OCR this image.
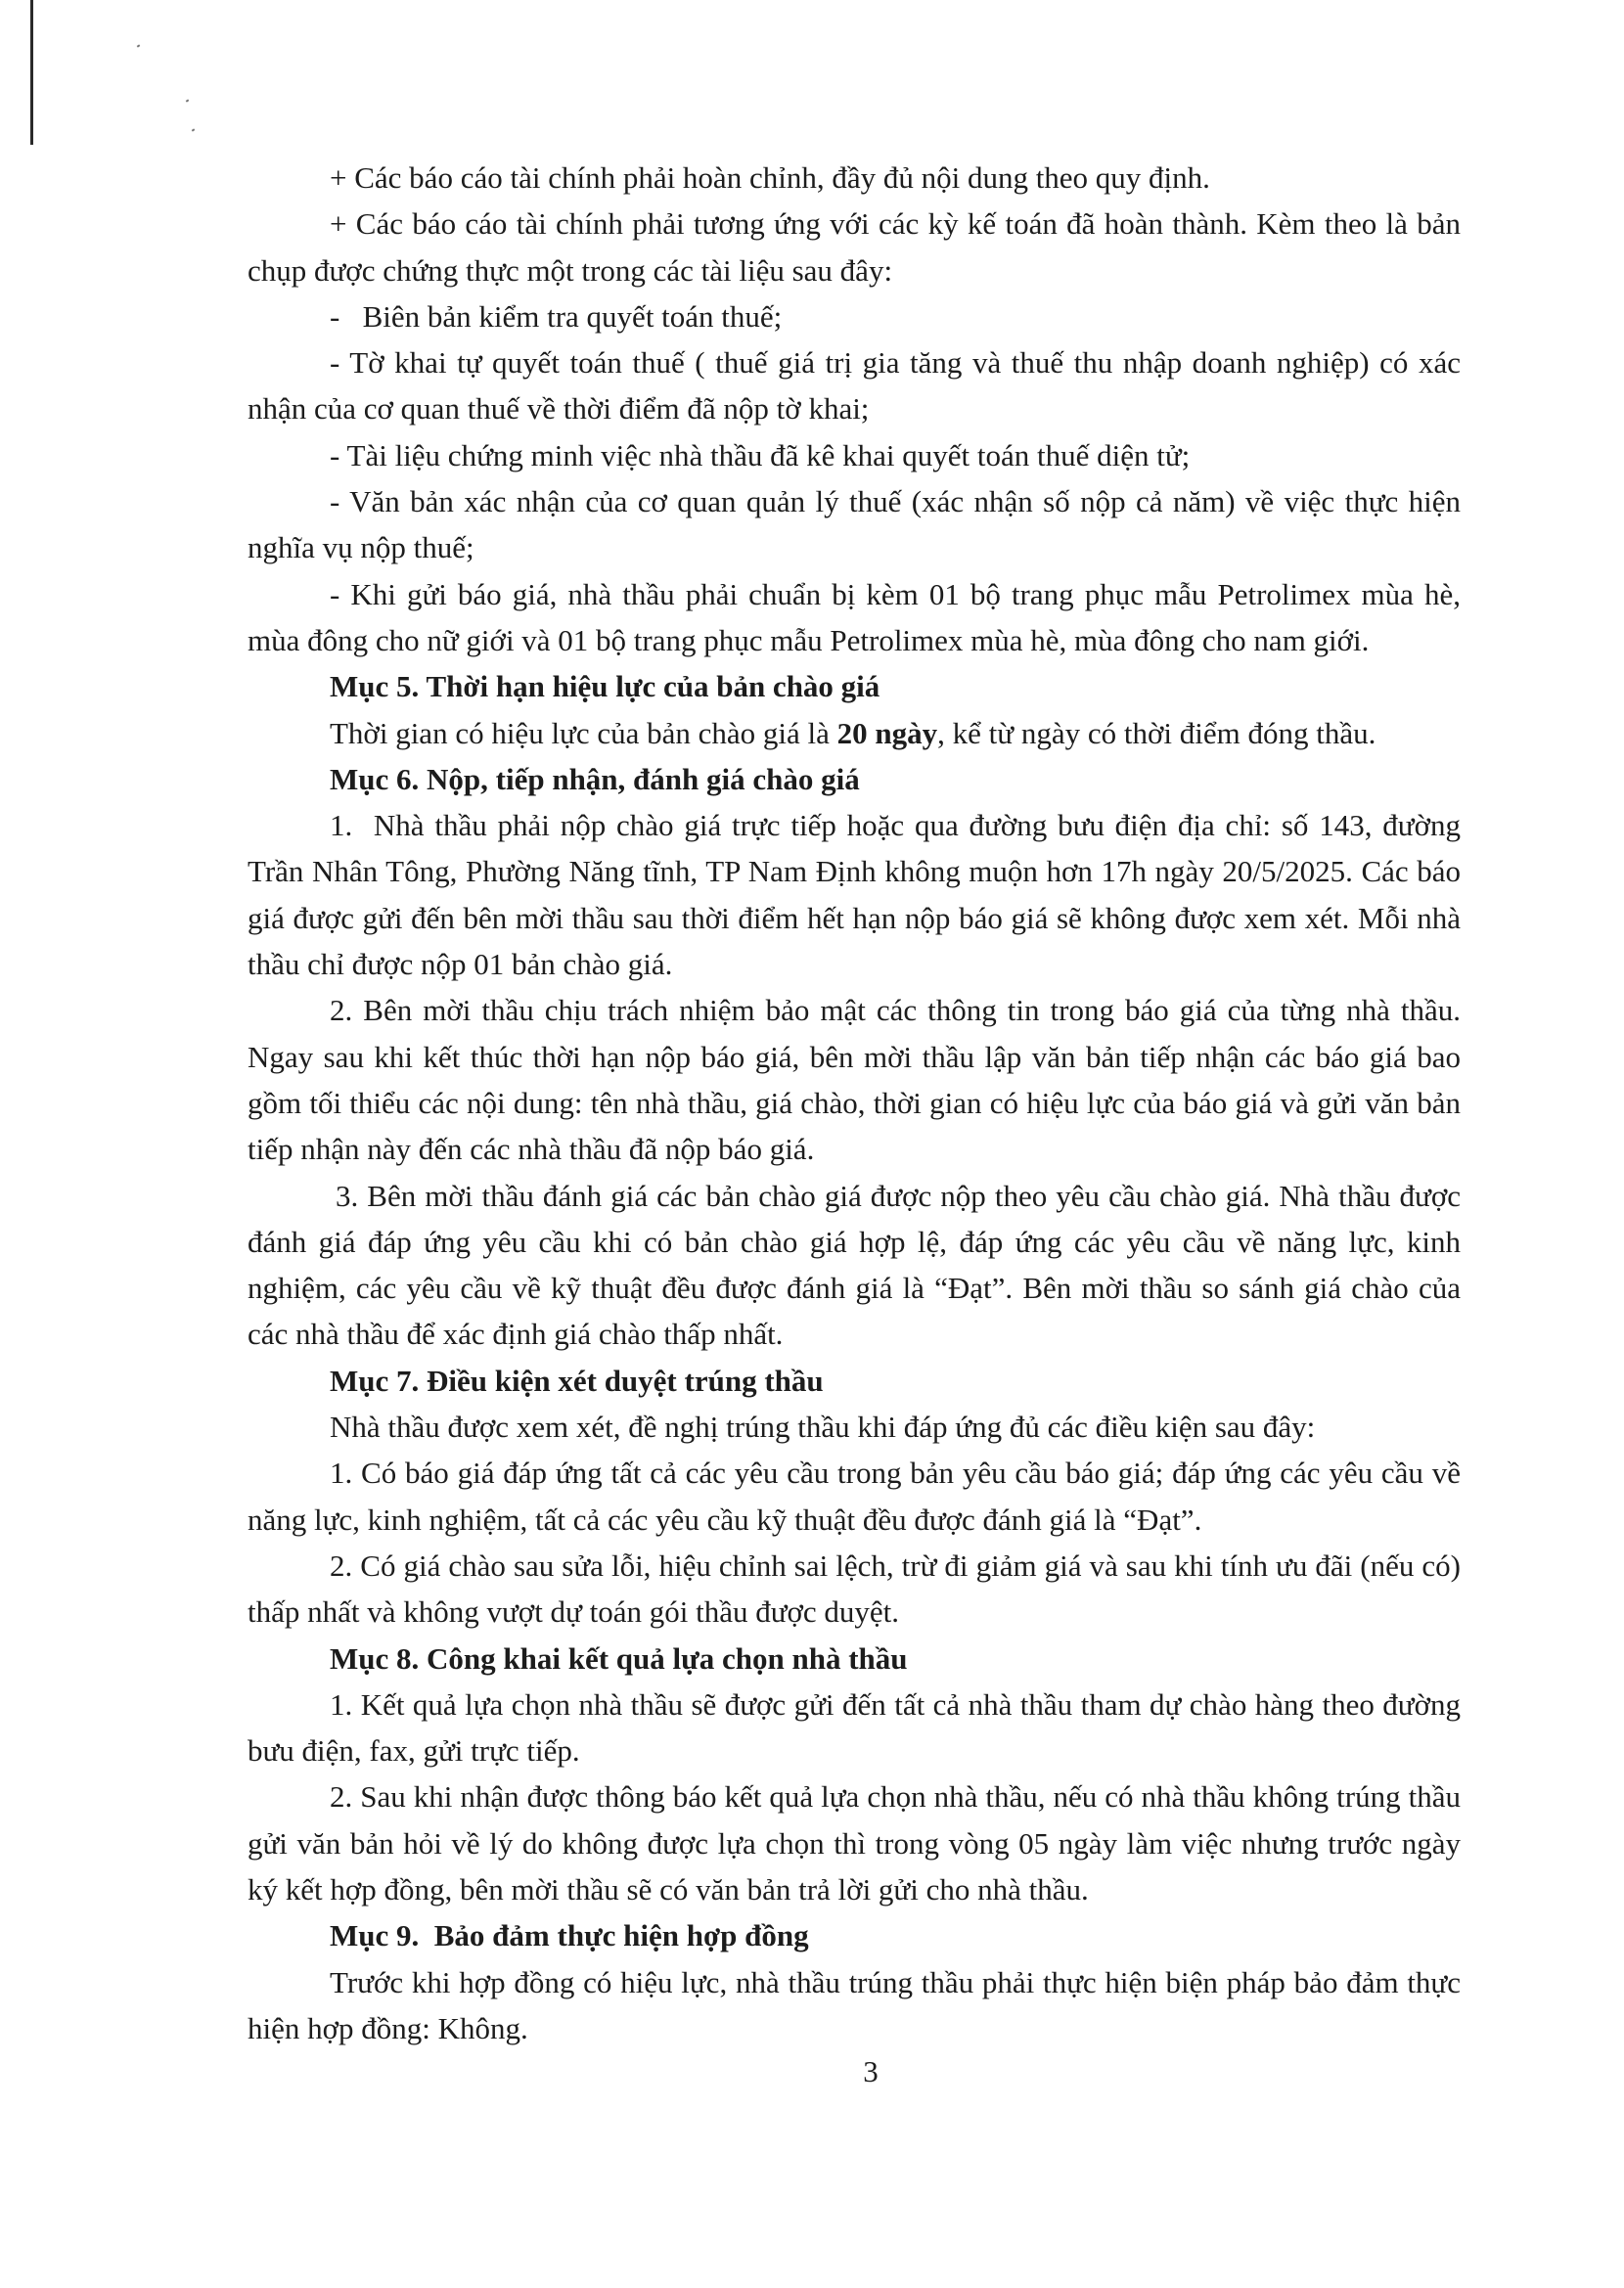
+ Các báo cáo tài chính phải hoàn chỉnh, đầy đủ nội dung theo quy định.

+ Các báo cáo tài chính phải tương ứng với các kỳ kế toán đã hoàn thành. Kèm theo là bản chụp được chứng thực một trong các tài liệu sau đây:

-   Biên bản kiểm tra quyết toán thuế;

- Tờ khai tự quyết toán thuế ( thuế giá trị gia tăng và thuế thu nhập doanh nghiệp) có xác nhận của cơ quan thuế về thời điểm đã nộp tờ khai;

- Tài liệu chứng minh việc nhà thầu đã kê khai quyết toán thuế diện tử;

- Văn bản xác nhận của cơ quan quản lý thuế (xác nhận số nộp cả năm) về việc thực hiện nghĩa vụ nộp thuế;

- Khi gửi báo giá, nhà thầu phải chuẩn bị kèm 01 bộ trang phục mẫu Petrolimex mùa hè, mùa đông cho nữ giới và 01 bộ trang phục mẫu Petrolimex mùa hè, mùa đông cho nam giới.

Mục 5. Thời hạn hiệu lực của bản chào giá

Thời gian có hiệu lực của bản chào giá là 20 ngày, kể từ ngày có thời điểm đóng thầu.

Mục 6. Nộp, tiếp nhận, đánh giá chào giá

1.  Nhà thầu phải nộp chào giá trực tiếp hoặc qua đường bưu điện địa chỉ: số 143, đường Trần Nhân Tông, Phường Năng tĩnh, TP Nam Định không muộn hơn 17h ngày 20/5/2025. Các báo giá được gửi đến bên mời thầu sau thời điểm hết hạn nộp báo giá sẽ không được xem xét. Mỗi nhà thầu chỉ được nộp 01 bản chào giá.

2. Bên mời thầu chịu trách nhiệm bảo mật các thông tin trong báo giá của từng nhà thầu. Ngay sau khi kết thúc thời hạn nộp báo giá, bên mời thầu lập văn bản tiếp nhận các báo giá bao gồm tối thiểu các nội dung: tên nhà thầu, giá chào, thời gian có hiệu lực của báo giá và gửi văn bản tiếp nhận này đến các nhà thầu đã nộp báo giá.

3. Bên mời thầu đánh giá các bản chào giá được nộp theo yêu cầu chào giá. Nhà thầu được đánh giá đáp ứng yêu cầu khi có bản chào giá hợp lệ, đáp ứng các yêu cầu về năng lực, kinh nghiệm, các yêu cầu về kỹ thuật đều được đánh giá là “Đạt”. Bên mời thầu so sánh giá chào của các nhà thầu để xác định giá chào thấp nhất.

Mục 7. Điều kiện xét duyệt trúng thầu

Nhà thầu được xem xét, đề nghị trúng thầu khi đáp ứng đủ các điều kiện sau đây:

1. Có báo giá đáp ứng tất cả các yêu cầu trong bản yêu cầu báo giá; đáp ứng các yêu cầu về năng lực, kinh nghiệm, tất cả các yêu cầu kỹ thuật đều được đánh giá là “Đạt”.

2. Có giá chào sau sửa lỗi, hiệu chỉnh sai lệch, trừ đi giảm giá và sau khi tính ưu đãi (nếu có) thấp nhất và không vượt dự toán gói thầu được duyệt.

Mục 8. Công khai kết quả lựa chọn nhà thầu

1. Kết quả lựa chọn nhà thầu sẽ được gửi đến tất cả nhà thầu tham dự chào hàng theo đường bưu điện, fax, gửi trực tiếp.

2. Sau khi nhận được thông báo kết quả lựa chọn nhà thầu, nếu có nhà thầu không trúng thầu gửi văn bản hỏi về lý do không được lựa chọn thì trong vòng 05 ngày làm việc nhưng trước ngày ký kết hợp đồng, bên mời thầu sẽ có văn bản trả lời gửi cho nhà thầu.

Mục 9.  Bảo đảm thực hiện hợp đồng

Trước khi hợp đồng có hiệu lực, nhà thầu trúng thầu phải thực hiện biện pháp bảo đảm thực hiện hợp đồng: Không.

3
